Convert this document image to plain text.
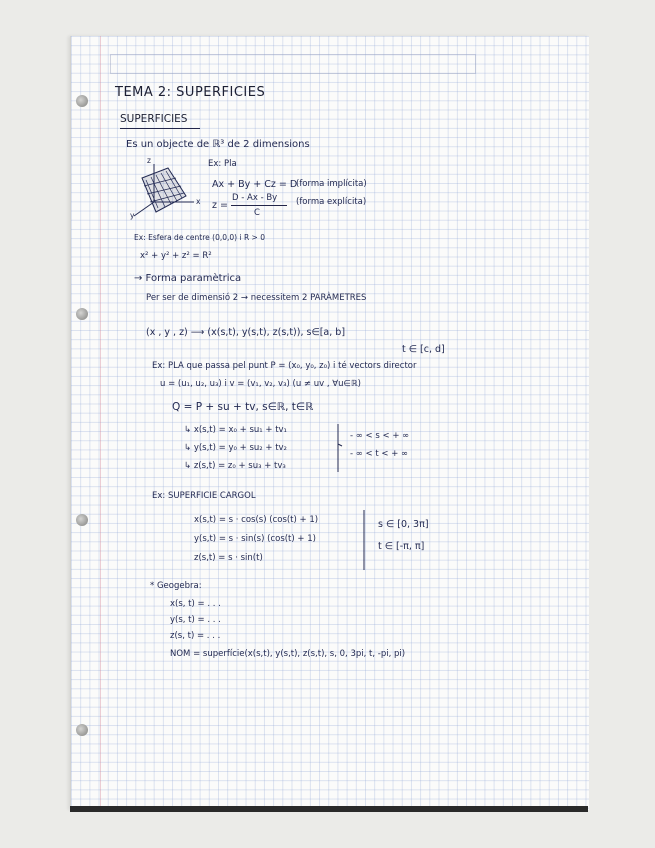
TEMA 2: SUPERFICIES
SUPERFICIES
Es un objecte de ℝ³ de 2 dimensions
z
x
y
Ex: Pla
Ax + By + Cz = D
(forma implícita)
z =
D - Ax - By
C
(forma explícita)
Ex: Esfera de centre (0,0,0) i R > 0
x² + y² + z² = R²
→ Forma paramètrica
Per ser de dimensió 2 → necessitem 2 PARÀMETRES
(x , y , z) ⟶ (x(s,t), y(s,t), z(s,t)), s∈[a, b]
t ∈ [c, d]
Ex: PLA que passa pel punt P = (x₀, y₀, z₀) i té vectors director
u = (u₁, u₂, u₃) i v = (v₁, v₂, v₃) (u ≠ uv , ∀u∈ℝ)
Q = P + su + tv, s∈ℝ, t∈ℝ
↳ x(s,t) = x₀ + su₁ + tv₁
↳ y(s,t) = y₀ + su₂ + tv₂
↳ z(s,t) = z₀ + su₃ + tv₃
- ∞ < s < + ∞
- ∞ < t < + ∞
Ex: SUPERFICIE CARGOL
x(s,t) = s · cos(s) (cos(t) + 1)
y(s,t) = s · sin(s) (cos(t) + 1)
z(s,t) = s · sin(t)
s ∈ [0, 3π]
t ∈ [-π, π]
* Geogebra:
x(s, t) = . . .
y(s, t) = . . .
z(s, t) = . . .
NOM = superfície(x(s,t), y(s,t), z(s,t), s, 0, 3pi, t, -pi, pi)
